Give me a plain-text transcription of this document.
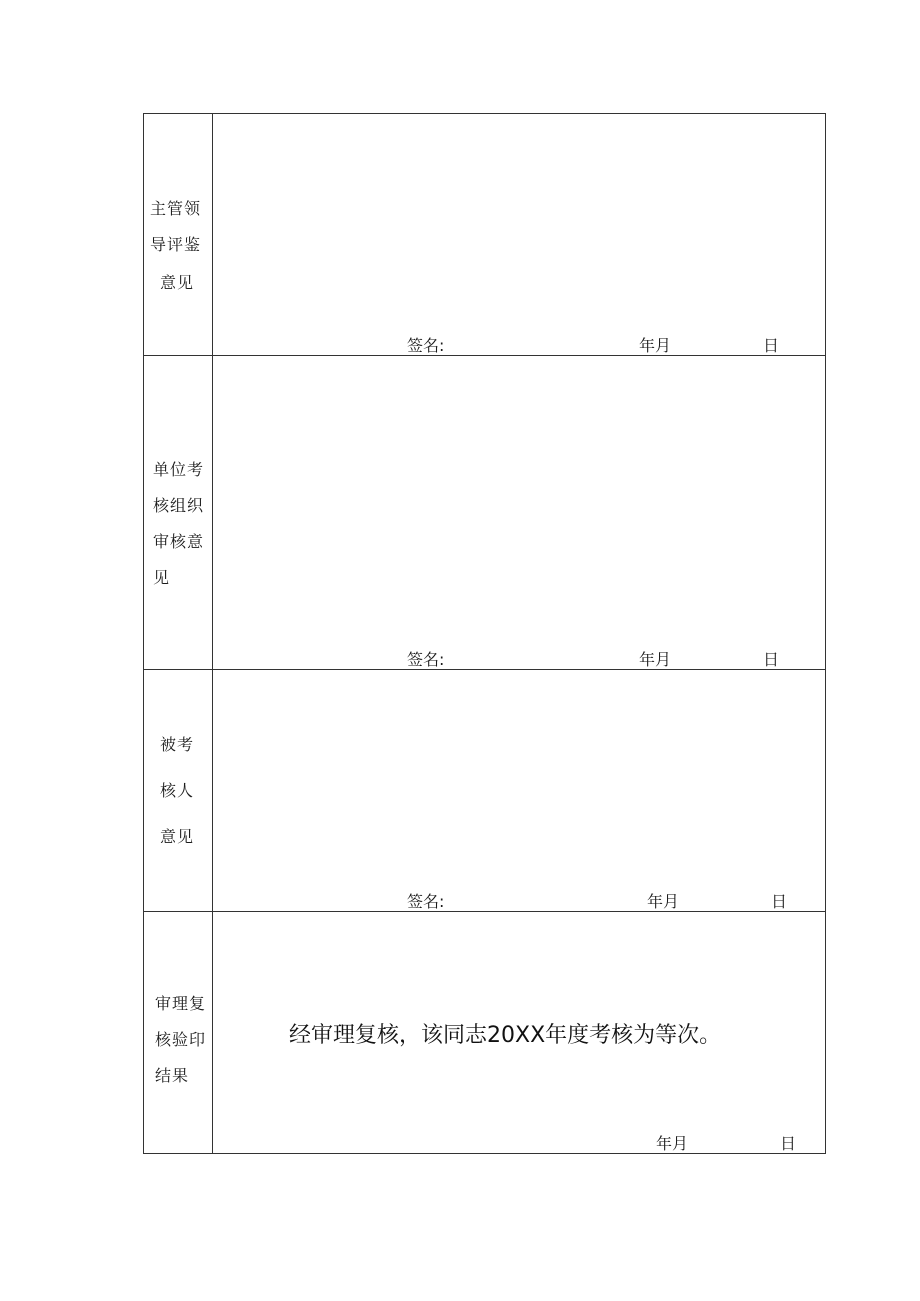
主管领
导评鉴
意见	签名: 年月 日

单位考
核组织
审核意
见	签名: 年月 日

被考
核人
意见	签名: 年月 日

审理复
核验印
结果	经审理复核，该同志20XX年度考核为等次。
年月 日
